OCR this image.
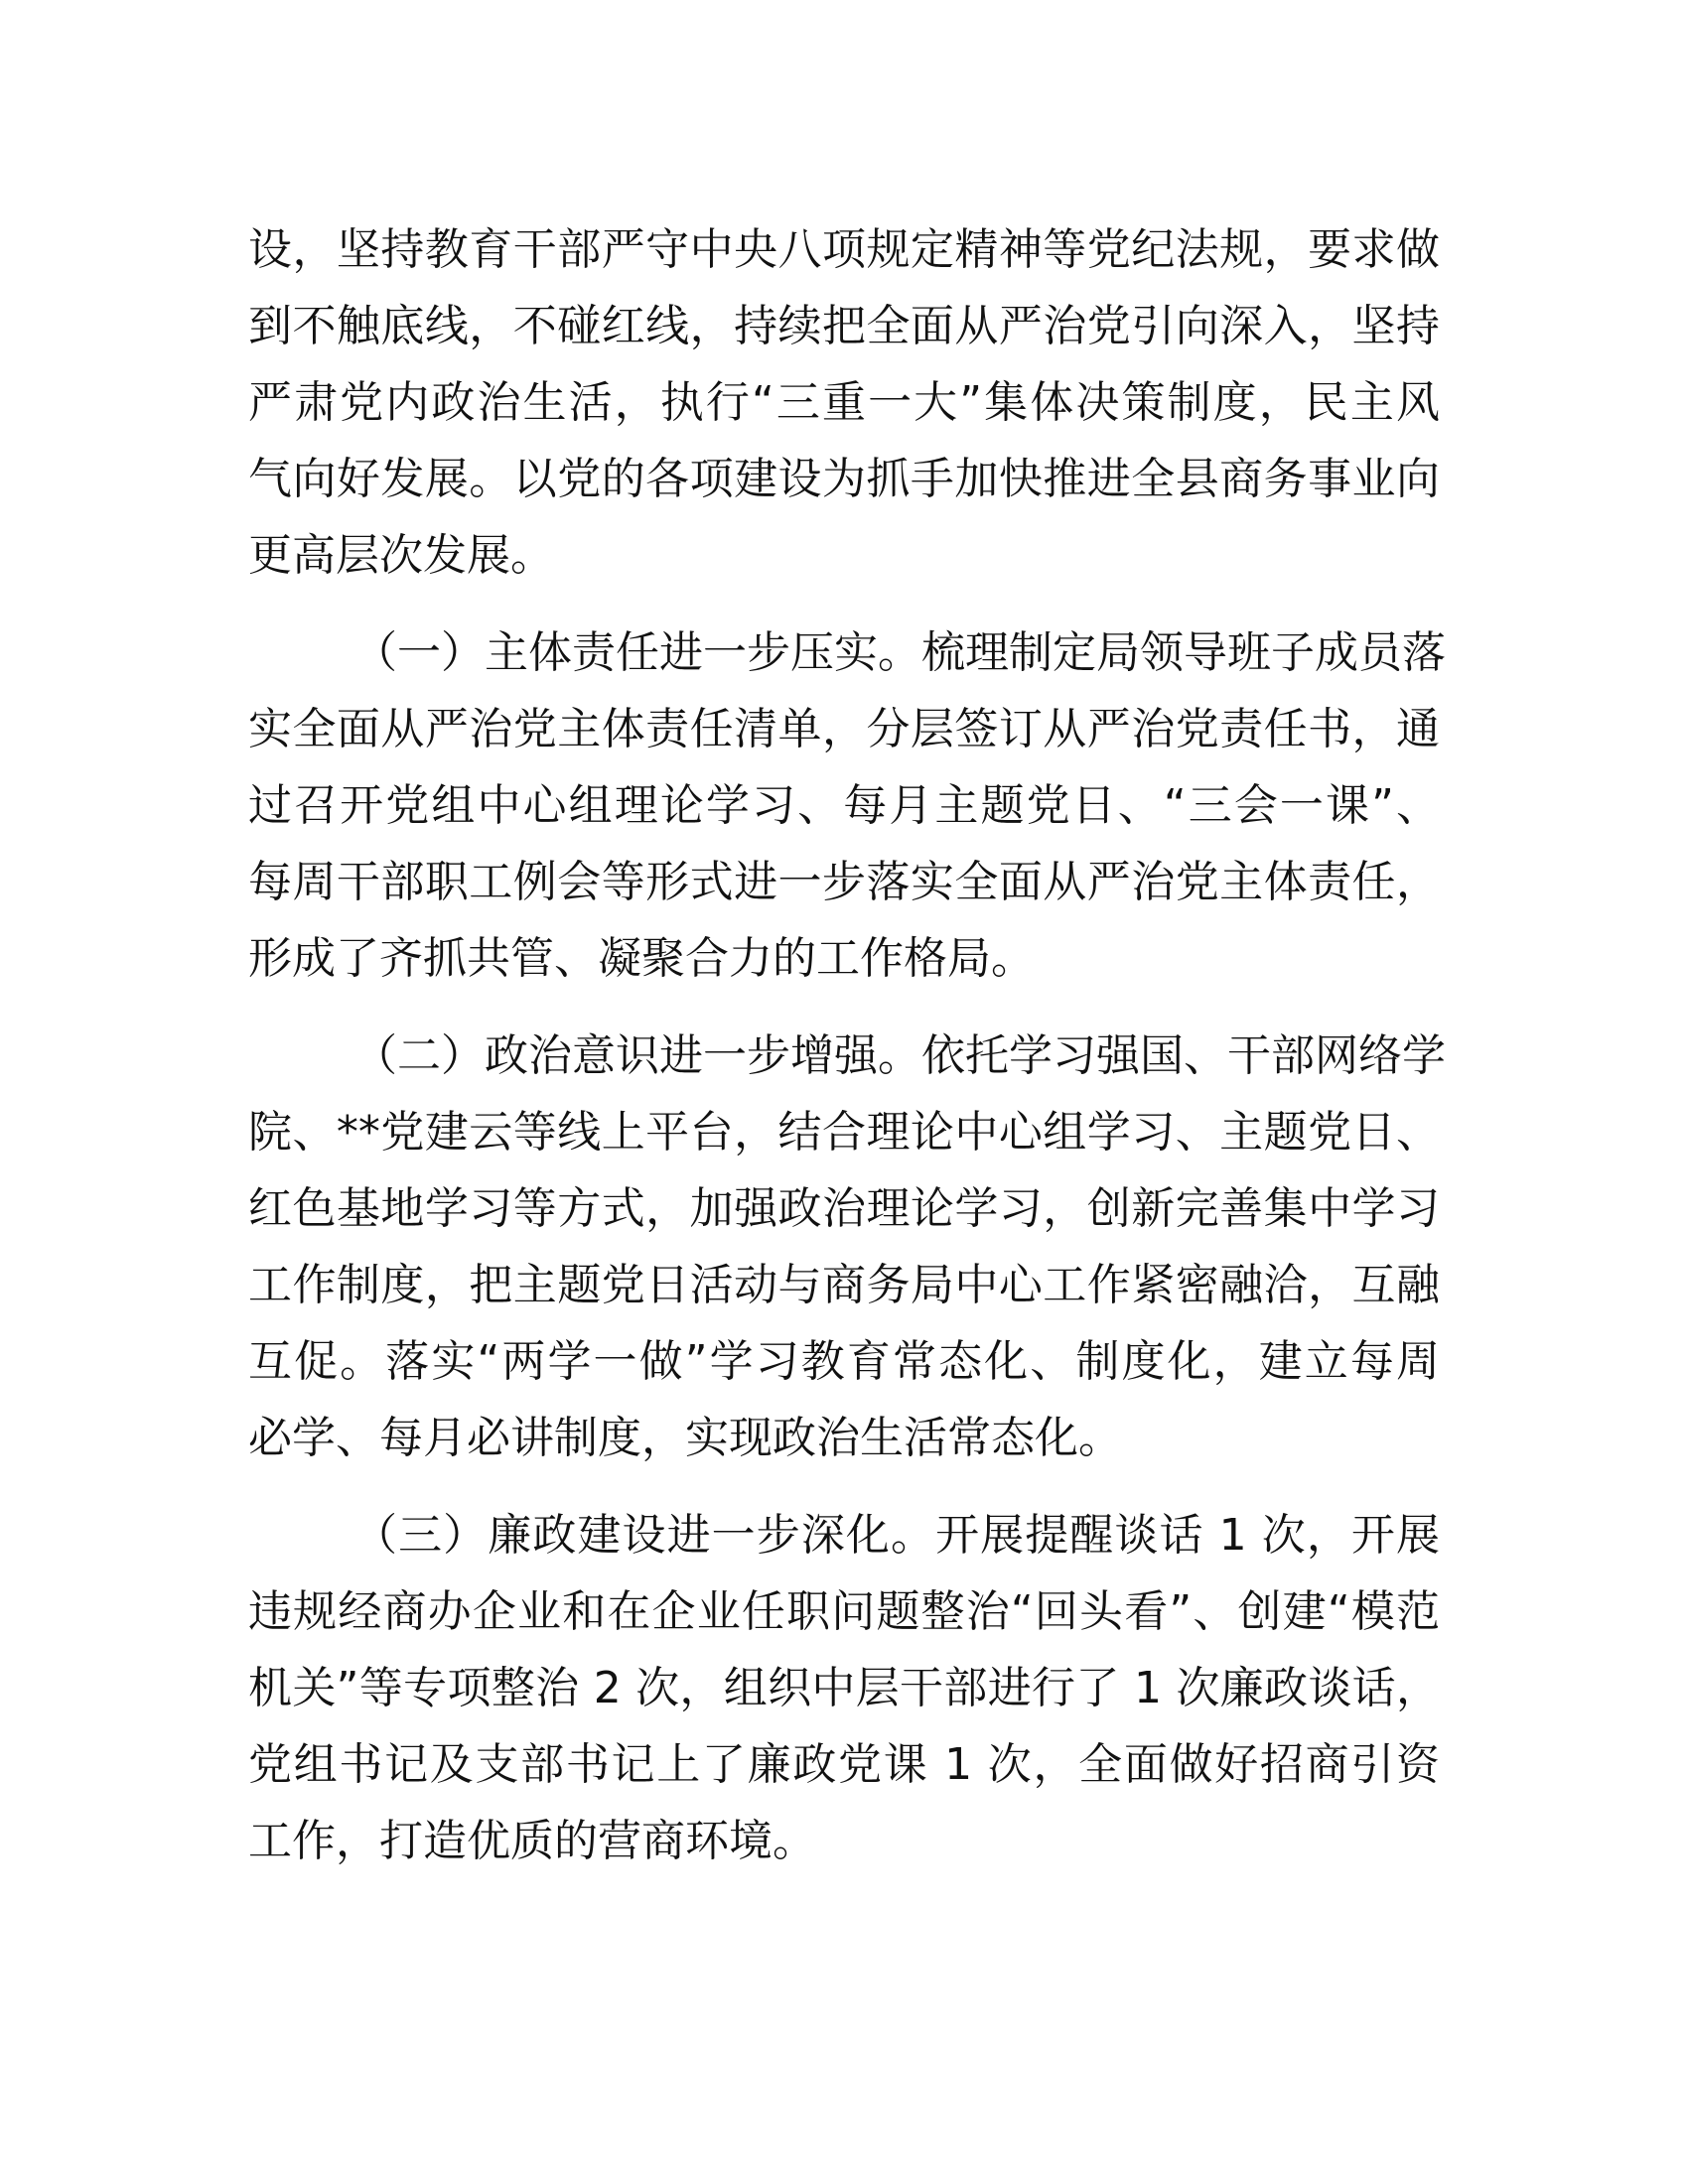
设，坚持教育干部严守中央八项规定精神等党纪法规，要求做
到不触底线，不碰红线，持续把全面从严治党引向深入，坚持
严肃党内政治生活，执行“三重一大”集体决策制度，民主风
气向好发展。以党的各项建设为抓手加快推进全县商务事业向
更高层次发展。

（一）主体责任进一步压实。梳理制定局领导班子成员落
实全面从严治党主体责任清单，分层签订从严治党责任书，通
过召开党组中心组理论学习、每月主题党日、“三会一课”、
每周干部职工例会等形式进一步落实全面从严治党主体责任，
形成了齐抓共管、凝聚合力的工作格局。

（二）政治意识进一步增强。依托学习强国、干部网络学
院、**党建云等线上平台，结合理论中心组学习、主题党日、
红色基地学习等方式，加强政治理论学习，创新完善集中学习
工作制度，把主题党日活动与商务局中心工作紧密融洽，互融
互促。落实“两学一做”学习教育常态化、制度化，建立每周
必学、每月必讲制度，实现政治生活常态化。

（三）廉政建设进一步深化。开展提醒谈话 1 次，开展
违规经商办企业和在企业任职问题整治“回头看”、创建“模范
机关”等专项整治 2 次，组织中层干部进行了 1 次廉政谈话，
党组书记及支部书记上了廉政党课 1 次，全面做好招商引资
工作，打造优质的营商环境。
